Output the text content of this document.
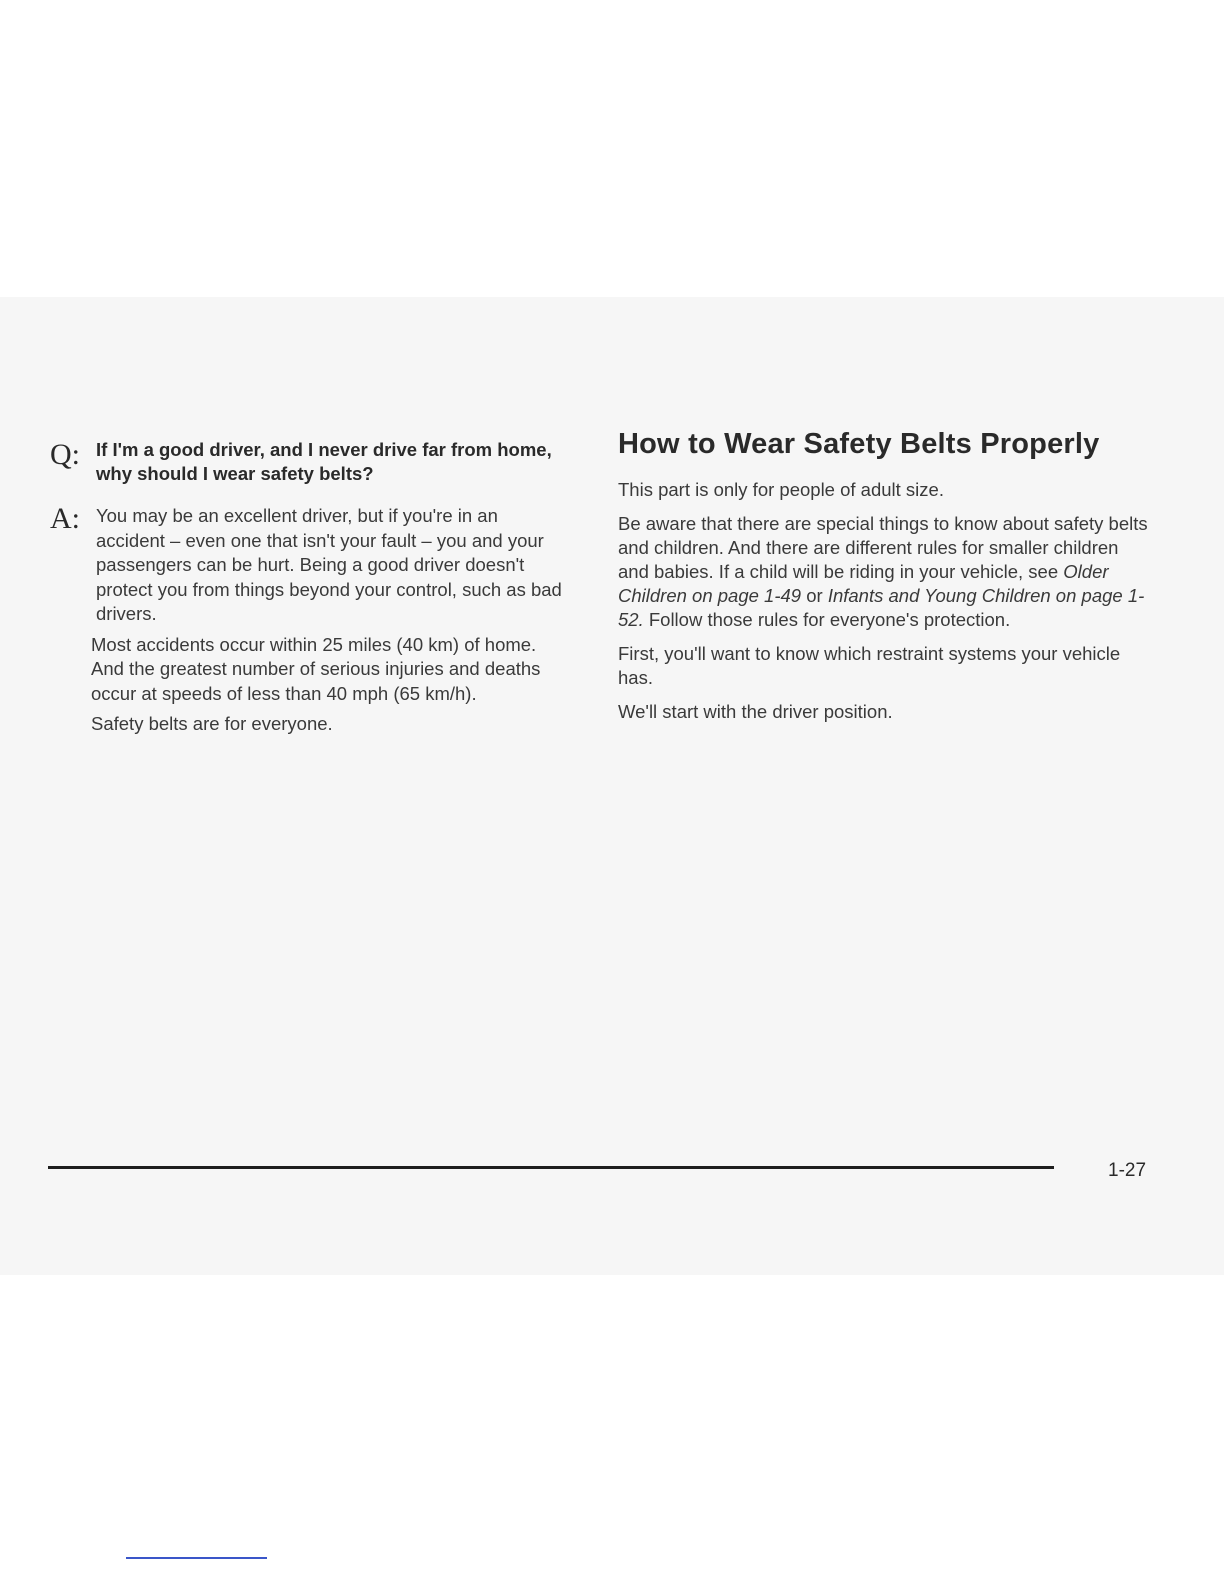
Q: If I'm a good driver, and I never drive far from home, why should I wear safety belts?

A: You may be an excellent driver, but if you're in an accident – even one that isn't your fault – you and your passengers can be hurt. Being a good driver doesn't protect you from things beyond your control, such as bad drivers.

Most accidents occur within 25 miles (40 km) of home. And the greatest number of serious injuries and deaths occur at speeds of less than 40 mph (65 km/h).

Safety belts are for everyone.

How to Wear Safety Belts Properly

This part is only for people of adult size.

Be aware that there are special things to know about safety belts and children. And there are different rules for smaller children and babies. If a child will be riding in your vehicle, see Older Children on page 1-49 or Infants and Young Children on page 1-52. Follow those rules for everyone's protection.

First, you'll want to know which restraint systems your vehicle has.

We'll start with the driver position.

1-27
